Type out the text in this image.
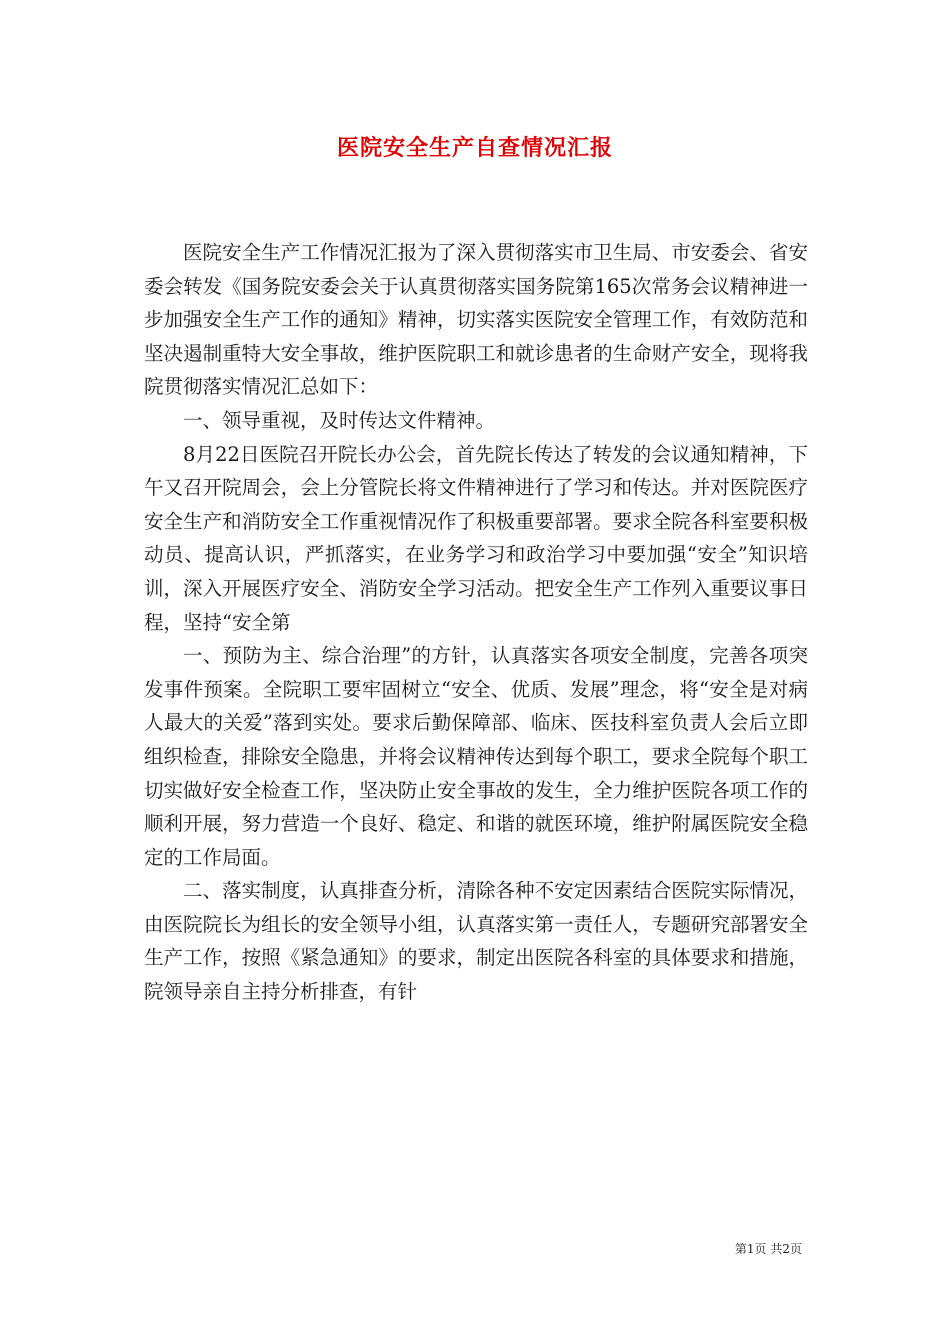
医院安全生产自查情况汇报

医院安全生产工作情况汇报为了深入贯彻落实市卫生局、市安委会、省安委会转发《国务院安委会关于认真贯彻落实国务院第165次常务会议精神进一步加强安全生产工作的通知》精神，切实落实医院安全管理工作，有效防范和坚决遏制重特大安全事故，维护医院职工和就诊患者的生命财产安全，现将我院贯彻落实情况汇总如下：

一、领导重视，及时传达文件精神。

8月22日医院召开院长办公会，首先院长传达了转发的会议通知精神，下午又召开院周会，会上分管院长将文件精神进行了学习和传达。并对医院医疗安全生产和消防安全工作重视情况作了积极重要部署。要求全院各科室要积极动员、提高认识，严抓落实，在业务学习和政治学习中要加强“安全”知识培训，深入开展医疗安全、消防安全学习活动。把安全生产工作列入重要议事日程，坚持“安全第

一、预防为主、综合治理”的方针，认真落实各项安全制度，完善各项突发事件预案。全院职工要牢固树立“安全、优质、发展”理念，将“安全是对病人最大的关爱”落到实处。要求后勤保障部、临床、医技科室负责人会后立即组织检查，排除安全隐患，并将会议精神传达到每个职工，要求全院每个职工切实做好安全检查工作，坚决防止安全事故的发生，全力维护医院各项工作的顺利开展，努力营造一个良好、稳定、和谐的就医环境，维护附属医院安全稳定的工作局面。

二、落实制度，认真排查分析，清除各种不安定因素结合医院实际情况，由医院院长为组长的安全领导小组，认真落实第一责任人，专题研究部署安全生产工作，按照《紧急通知》的要求，制定出医院各科室的具体要求和措施，院领导亲自主持分析排查，有针

第1页 共2页
